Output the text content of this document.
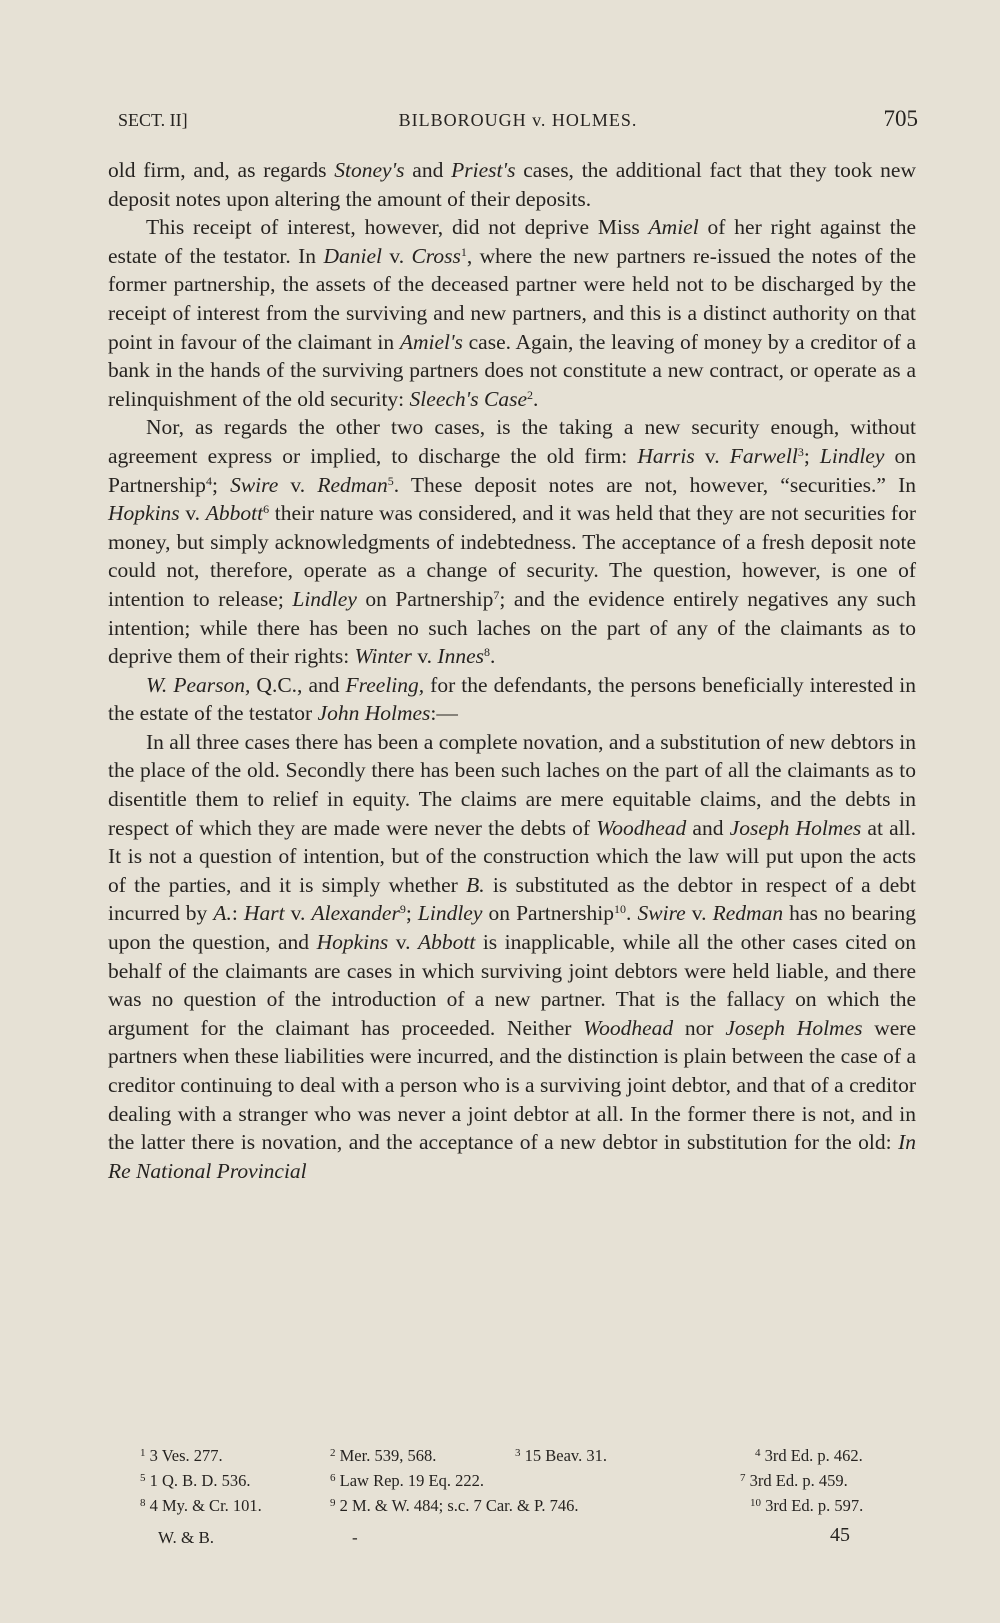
SECT. II]	BILBOROUGH v. HOLMES.	705

old firm, and, as regards Stoney's and Priest's cases, the additional fact that they took new deposit notes upon altering the amount of their deposits.

This receipt of interest, however, did not deprive Miss Amiel of her right against the estate of the testator. In Daniel v. Cross$^1$, where the new partners re-issued the notes of the former partnership, the assets of the deceased partner were held not to be discharged by the receipt of interest from the surviving and new partners, and this is a distinct authority on that point in favour of the claimant in Amiel's case. Again, the leaving of money by a creditor of a bank in the hands of the surviving partners does not constitute a new contract, or operate as a relinquishment of the old security: Sleech's Case$^2$.

Nor, as regards the other two cases, is the taking a new security enough, without agreement express or implied, to discharge the old firm: Harris v. Farwell$^3$; Lindley on Partnership$^4$; Swire v. Redman$^5$. These deposit notes are not, however, “securities.” In Hopkins v. Abbott$^6$ their nature was considered, and it was held that they are not securities for money, but simply acknowledgments of indebtedness. The acceptance of a fresh deposit note could not, therefore, operate as a change of security. The question, however, is one of intention to release; Lindley on Partnership$^7$; and the evidence entirely negatives any such intention; while there has been no such laches on the part of any of the claimants as to deprive them of their rights: Winter v. Innes$^8$.

W. Pearson, Q.C., and Freeling, for the defendants, the persons beneficially interested in the estate of the testator John Holmes:—

In all three cases there has been a complete novation, and a substitution of new debtors in the place of the old. Secondly there has been such laches on the part of all the claimants as to disentitle them to relief in equity. The claims are mere equitable claims, and the debts in respect of which they are made were never the debts of Woodhead and Joseph Holmes at all. It is not a question of intention, but of the construction which the law will put upon the acts of the parties, and it is simply whether B. is substituted as the debtor in respect of a debt incurred by A.: Hart v. Alexander$^9$; Lindley on Partnership$^{10}$. Swire v. Redman has no bearing upon the question, and Hopkins v. Abbott is inapplicable, while all the other cases cited on behalf of the claimants are cases in which surviving joint debtors were held liable, and there was no question of the introduction of a new partner. That is the fallacy on which the argument for the claimant has proceeded. Neither Woodhead nor Joseph Holmes were partners when these liabilities were incurred, and the distinction is plain between the case of a creditor continuing to deal with a person who is a surviving joint debtor, and that of a creditor dealing with a stranger who was never a joint debtor at all. In the former there is not, and in the latter there is novation, and the acceptance of a new debtor in substitution for the old: In Re National Provincial

$^1$ 3 Ves. 277.	$^2$ Mer. 539, 568.	$^3$ 15 Beav. 31.	$^4$ 3rd Ed. p. 462.
$^5$ 1 Q. B. D. 536.	$^6$ Law Rep. 19 Eq. 222.	$^7$ 3rd Ed. p. 459.
$^8$ 4 My. & Cr. 101.	$^9$ 2 M. & W. 484; s.c. 7 Car. & P. 746.	$^{10}$ 3rd Ed. p. 597.
W. & B.	-	45
